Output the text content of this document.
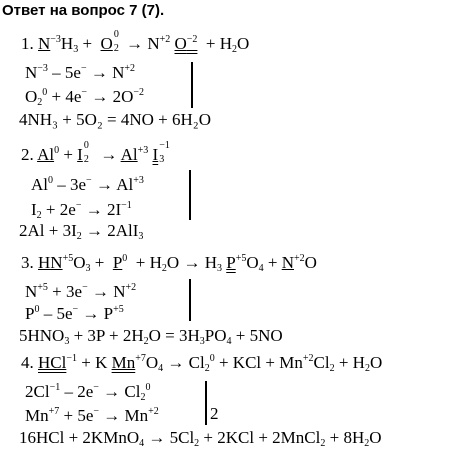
Ответ на вопрос 7 (7).
1. $N^{-3}H_3 + O$ 0
$2 \to N^{+2}$ $O^{-2} + H_2O$
$N^{-3} - 5e^- \to N^{+2}$
$O_2^0 + 4e^- \to 2O^{-2}$
4NH₃ + 5O₂ = 4NO + 6H₂O
2. $Al^0 + I$ 0
$2 \to Al^{+3}$ I −1
3
$Al^0 - 3e^- \to Al^{+3}$
$I_2 + 2e^- \to 2I^{-1}$
$2Al + 3I_2 \to 2AlI_3$
3. $HN^{+5}O_3 + P^0 + H_2O \to H_3$ $P^{+5}O_4 + N^{+2}O$
$N^{+5} + 3e^- \to N^{+2}$
$P^0 - 5e^- \to P^{+5}$
$5HNO_3 + 3P + 2H_2O = 3H_3PO_4 + 5NO$
4. HCl$^{-1}$ + K $Mn^{+7}O_4 \to Cl_2^0$ + KCl + $Mn^{+2}Cl_2 + H_2O$
$2Cl^{-1} - 2e^- \to Cl_2^0$
$Mn^{+7} + 5e^- \to Mn^{+2}$	2
16HCl + 2KMnO$_4$ → $5Cl_2 + 2KCl$ + 2MnCl$_2$ + $8H_2O$
